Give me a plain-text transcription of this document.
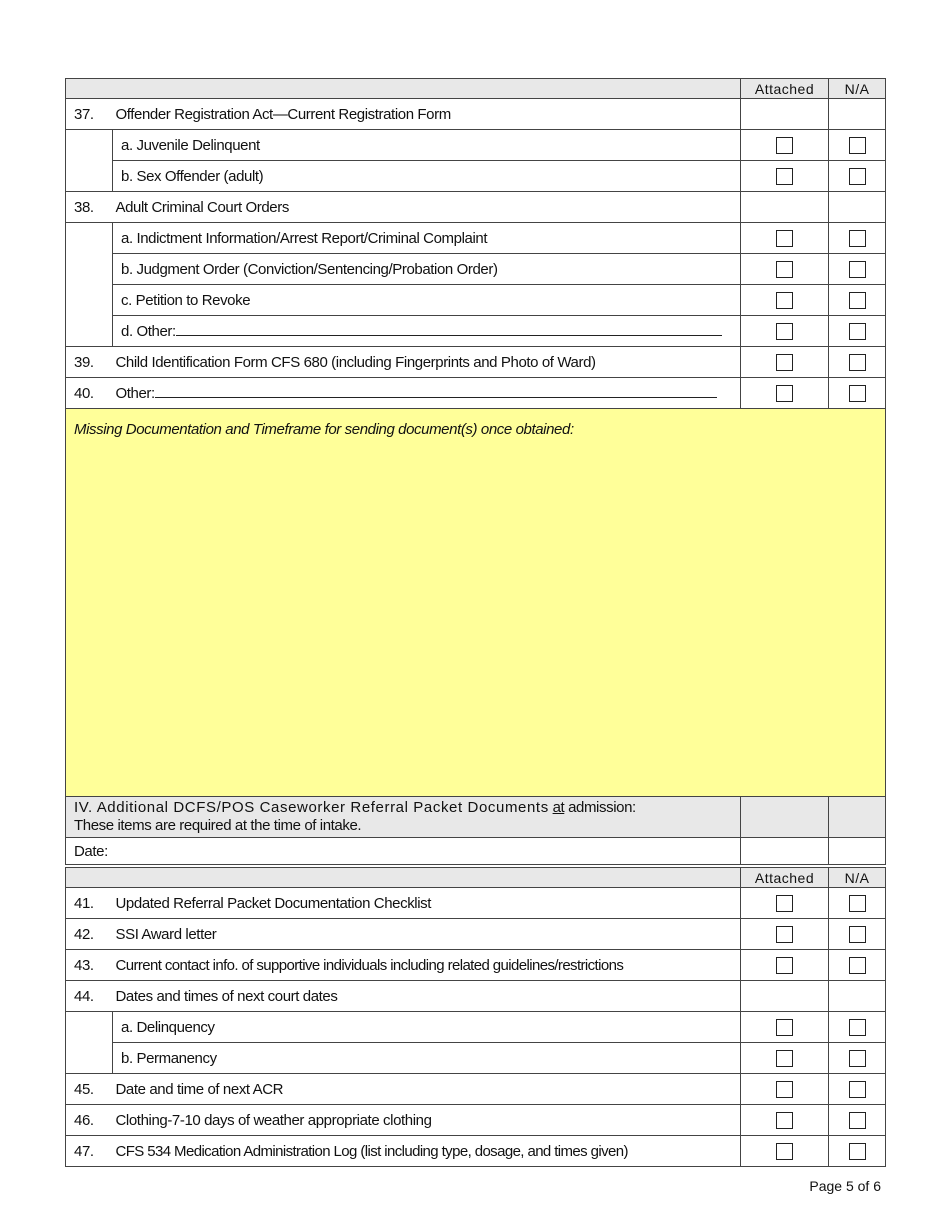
		Attached	N/A
37.	Offender Registration Act—Current Registration Form		
	a. Juvenile Delinquent		
	b. Sex Offender (adult)		
38.	Adult Criminal Court Orders		
	a. Indictment Information/Arrest Report/Criminal Complaint		
	b. Judgment Order (Conviction/Sentencing/Probation Order)		
	c. Petition to Revoke		
	d. Other:		
39.	Child Identification Form CFS 680 (including Fingerprints and Photo of Ward)		
40.	Other:		

Missing Documentation and Timeframe for sending document(s) once obtained:			
IV. Additional DCFS/POS Caseworker Referral Packet Documents at admission:
These items are required at the time of intake.		
Date:		
		Attached	N/A
41.	Updated Referral Packet Documentation Checklist		
42.	SSI Award letter		
43.	Current contact info. of supportive individuals including related guidelines/restrictions		
44.	Dates and times of next court dates		
	a. Delinquency		
	b. Permanency		
45.	Date and time of next ACR		
46.	Clothing-7-10 days of weather appropriate clothing		
47.	CFS 534 Medication Administration Log (list including type, dosage, and times given)		
Page 5 of 6
